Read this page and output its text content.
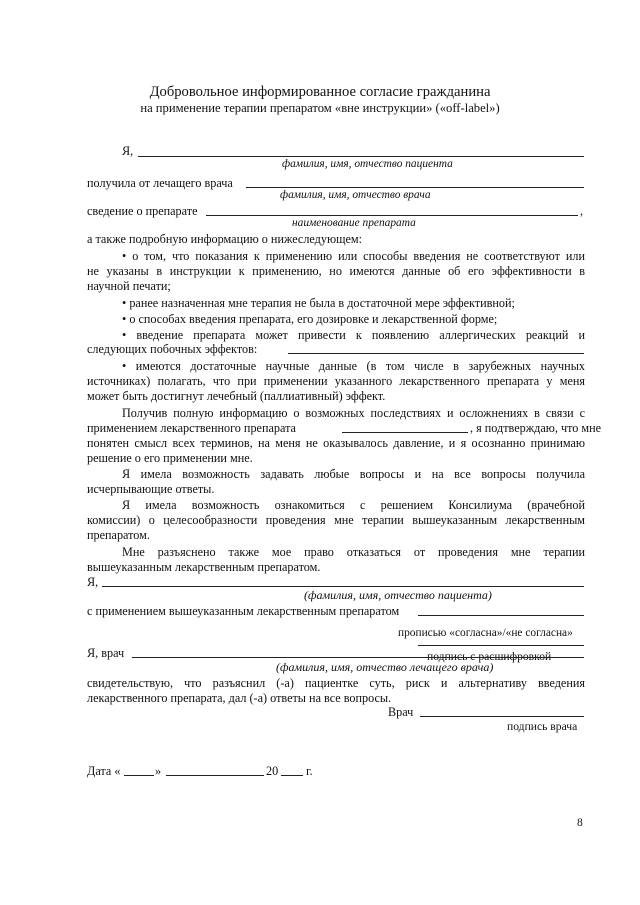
Добровольное информированное согласие гражданина
на применение терапии препаратом «вне инструкции» («off-label»)
Я,
фамилия, имя, отчество пациента
получила от лечащего врача
фамилия, имя, отчество врача
сведение о препарате	,
наименование препарата
а также подробную информацию о нижеследующем:
• о том, что показания к применению или способы введения не соответствуют или
не указаны в инструкции к применению, но имеются данные об его эффективности в
научной печати;
• ранее назначенная мне терапия не была в достаточной мере эффективной;
• о способах введения препарата, его дозировке и лекарственной форме;
• введение препарата может привести к появлению аллергических реакций и
следующих побочных эффектов:
• имеются достаточные научные данные (в том числе в зарубежных научных
источниках) полагать, что при применении указанного лекарственного препарата у меня
может быть достигнут лечебный (паллиативный) эффект.
Получив полную информацию о возможных последствиях и осложнениях в связи с
применением лекарственного препарата	, я подтверждаю, что мне
понятен смысл всех терминов, на меня не оказывалось давление, и я осознанно принимаю
решение о его применении мне.
Я имела возможность задавать любые вопросы и на все вопросы получила
исчерпывающие ответы.
Я имела возможность ознакомиться с решением Консилиума (врачебной
комиссии) о целесообразности проведения мне терапии вышеуказанным лекарственным
препаратом.
Мне разъяснено также мое право отказаться от проведения мне терапии
вышеуказанным лекарственным препаратом.
Я,
(фамилия, имя, отчество пациента)
с применением вышеуказанным лекарственным препаратом
прописью «согласна»/«не согласна»
подпись с расшифровкой
Я, врач
(фамилия, имя, отчество лечащего врача)
свидетельствую, что разъяснил (-а) пациентке суть, риск и альтернативу введения
лекарственного препарата, дал (-а) ответы на все вопросы.
Врач
подпись врача
Дата «	»	20 г.
8
